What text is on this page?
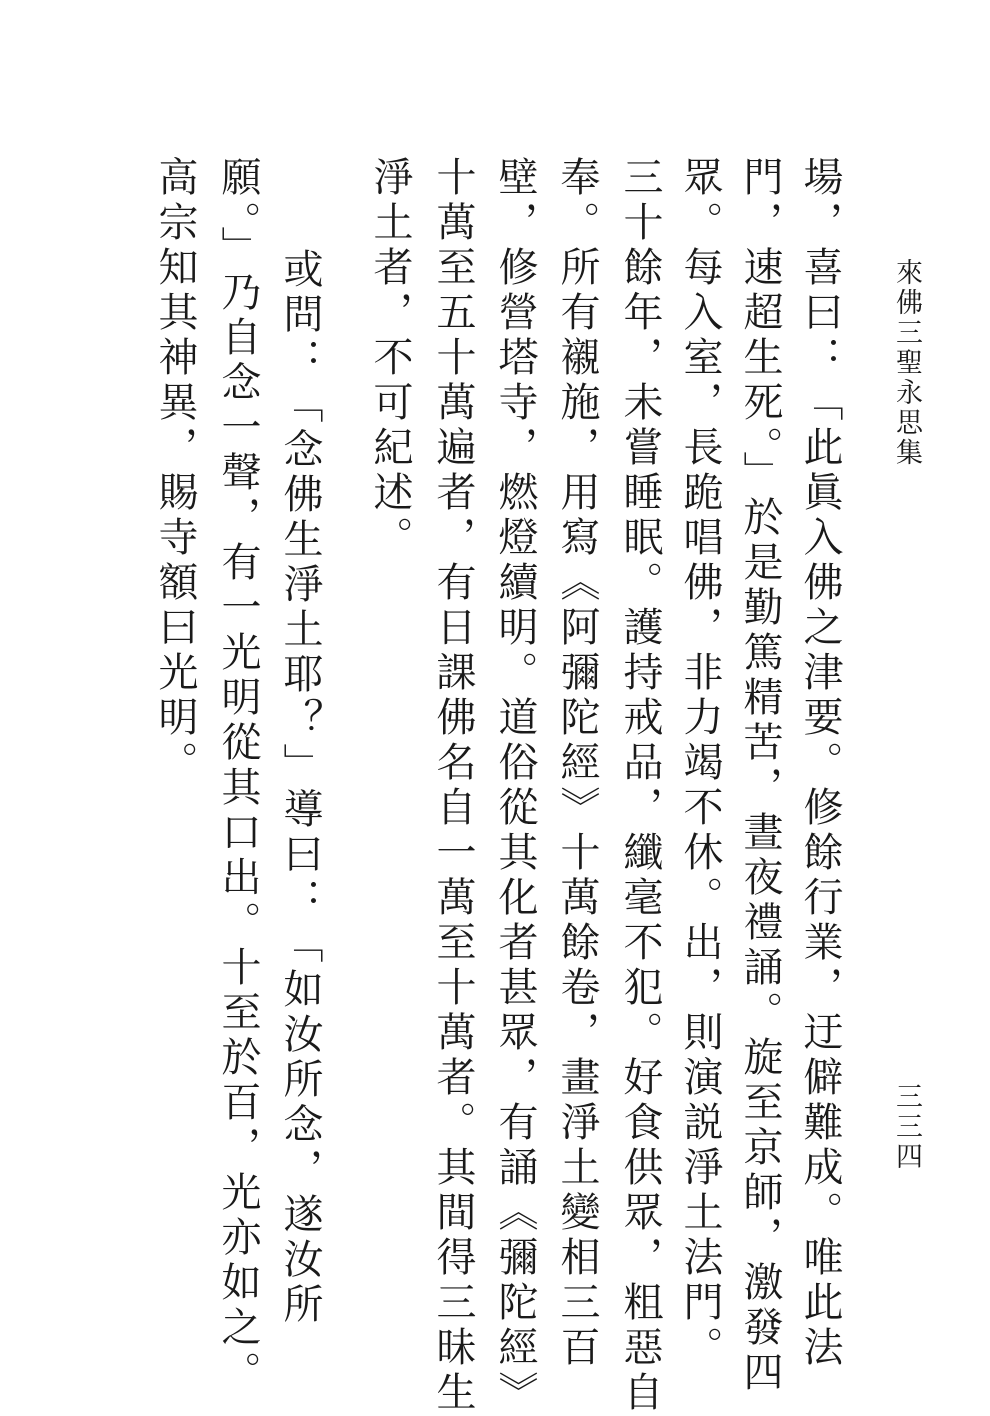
來佛三聖永思集
三三四
場，喜曰：「此眞入佛之津要。修餘行業，迂僻難成。唯此法
門，速超生死。」於是勤篤精苦，晝夜禮誦。旋至京師，激發四
眾。每入室，長跪唱佛，非力竭不休。出，則演説淨土法門。
三十餘年，未嘗睡眠。護持戒品，纖毫不犯。好食供眾，粗惡自
奉。所有襯施，用寫《阿彌陀經》十萬餘卷，畫淨土變相三百
壁，修營塔寺，燃燈續明。道俗從其化者甚眾，有誦《彌陀經》
十萬至五十萬遍者，有日課佛名自一萬至十萬者。其間得三昧生
淨土者，不可紀述。
或問：「念佛生淨土耶？」導曰：「如汝所念，遂汝所
願。」乃自念一聲，有一光明從其口出。十至於百，光亦如之。
高宗知其神異，賜寺額曰光明。
